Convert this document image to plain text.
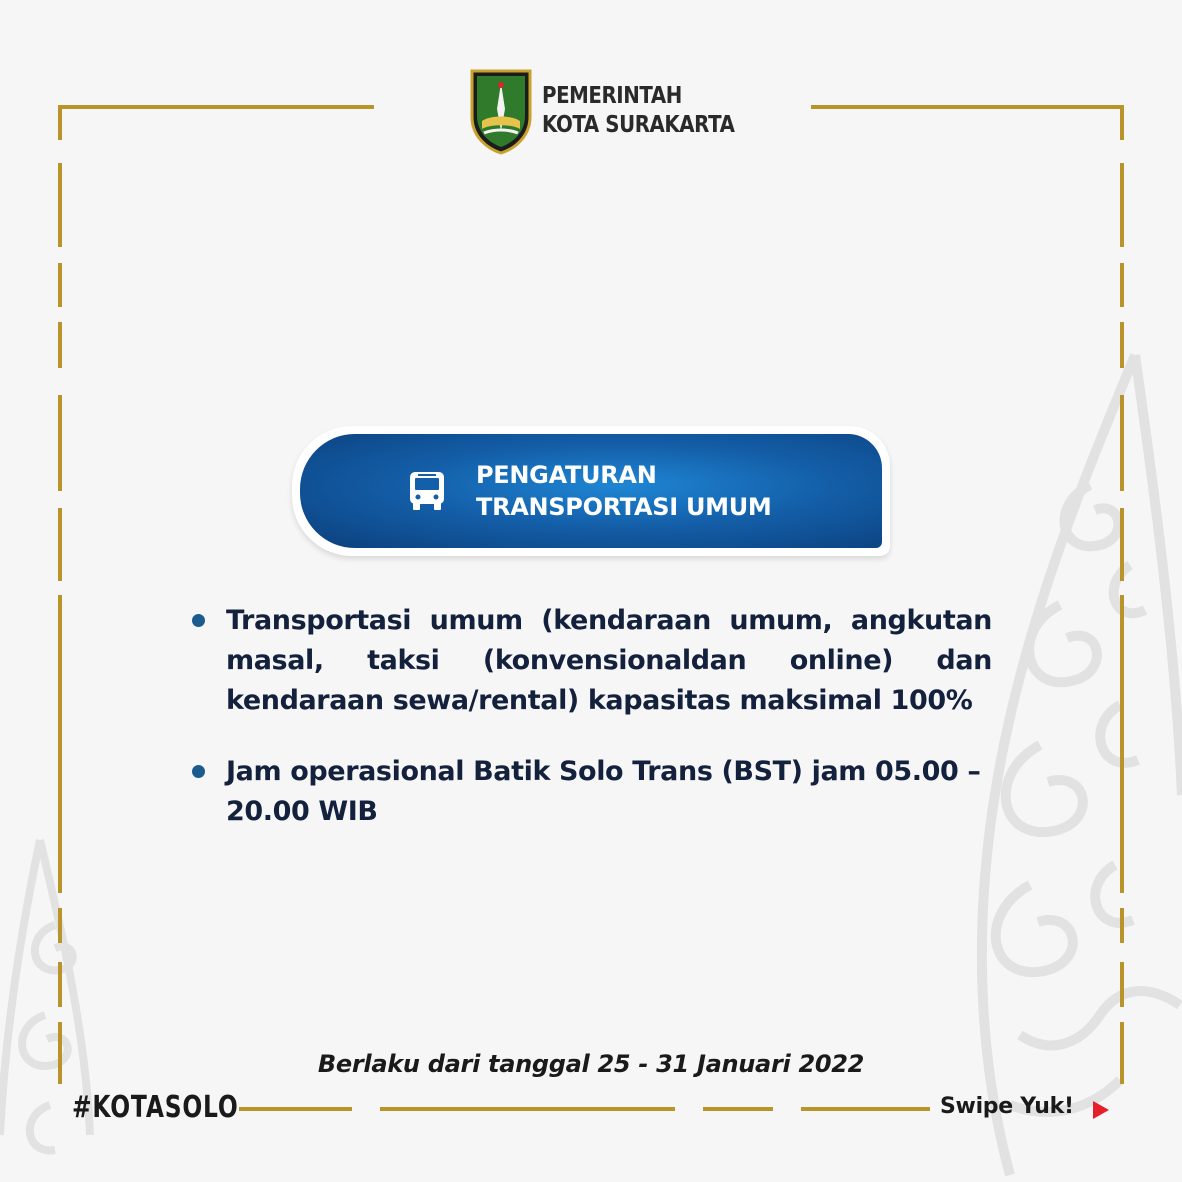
PEMERINTAH
KOTA SURAKARTA
PENGATURAN
TRANSPORTASI UMUM
Transportasi umum (kendaraan umum, angkutan masal, taksi (konvensionaldan online) dan kendaraan sewa/rental) kapasitas maksimal 100%
Jam operasional Batik Solo Trans (BST) jam 05.00 – 20.00 WIB
Berlaku dari tanggal 25 - 31 Januari 2022
#KOTASOLO	Swipe Yuk!
